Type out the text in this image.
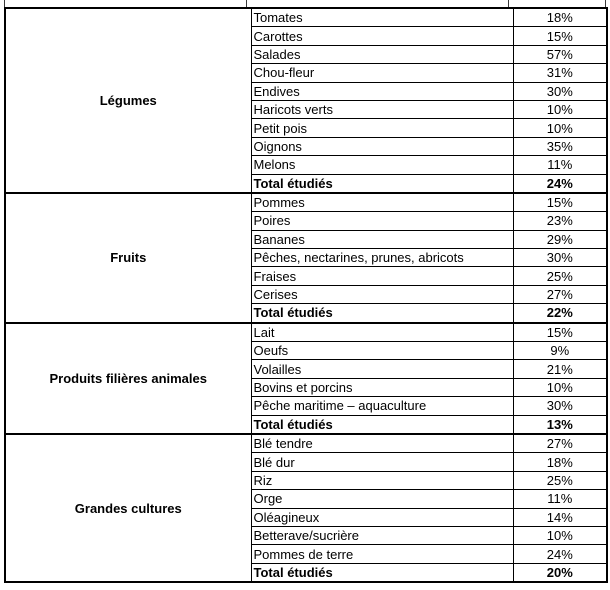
Légumes	Tomates	18%
	Carottes	15%
	Salades	57%
	Chou-fleur	31%
	Endives	30%
	Haricots verts	10%
	Petit pois	10%
	Oignons	35%
	Melons	11%
	Total étudiés	24%
Fruits	Pommes	15%
	Poires	23%
	Bananes	29%
	Pêches, nectarines, prunes, abricots	30%
	Fraises	25%
	Cerises	27%
	Total étudiés	22%
Produits filières animales	Lait	15%
	Oeufs	9%
	Volailles	21%
	Bovins et porcins	10%
	Pêche maritime – aquaculture	30%
	Total étudiés	13%
Grandes cultures	Blé tendre	27%
	Blé dur	18%
	Riz	25%
	Orge	11%
	Oléagineux	14%
	Betterave/sucrière	10%
	Pommes de terre	24%
	Total étudiés	20%
